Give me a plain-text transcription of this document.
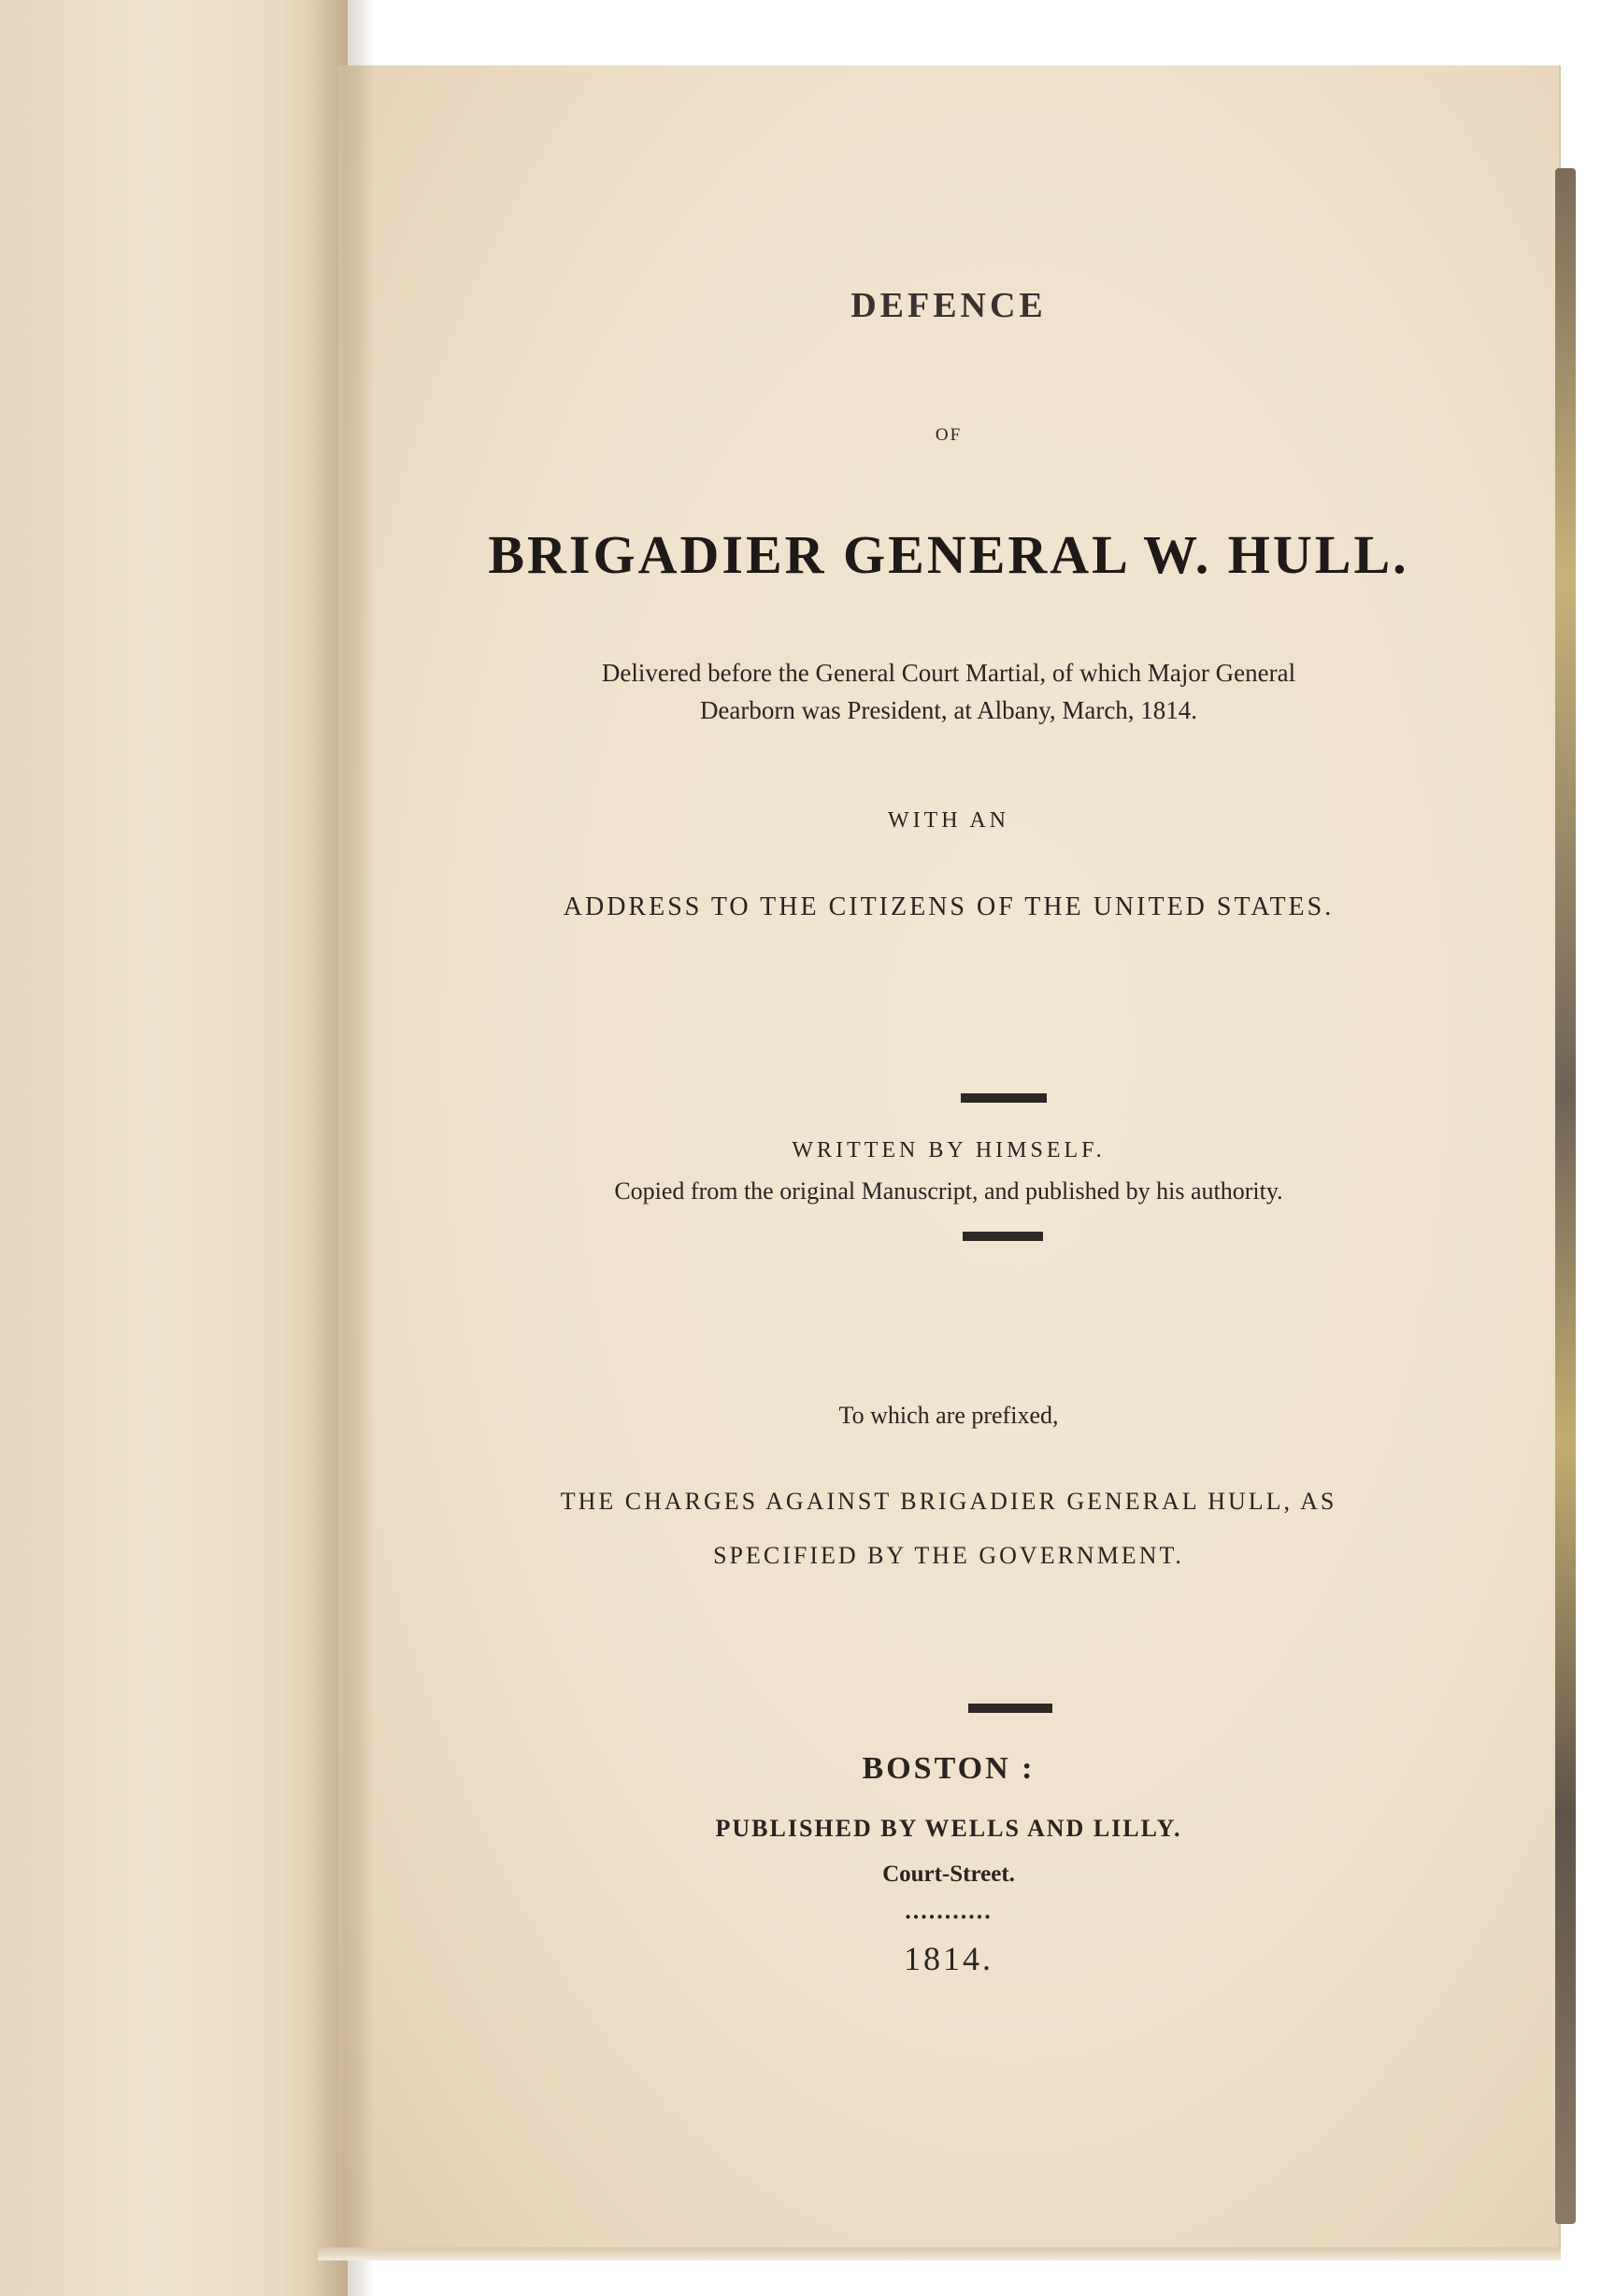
DEFENCE

OF

BRIGADIER GENERAL W. HULL.

Delivered before the General Court Martial, of which Major General

Dearborn was President, at Albany, March, 1814.

WITH AN

ADDRESS TO THE CITIZENS OF THE UNITED STATES.

WRITTEN BY HIMSELF.

Copied from the original Manuscript, and published by his authority.

To which are prefixed,

THE CHARGES AGAINST BRIGADIER GENERAL HULL, AS

SPECIFIED BY THE GOVERNMENT.

BOSTON :

PUBLISHED BY WELLS AND LILLY.

Court-Street.

...........

1814.
